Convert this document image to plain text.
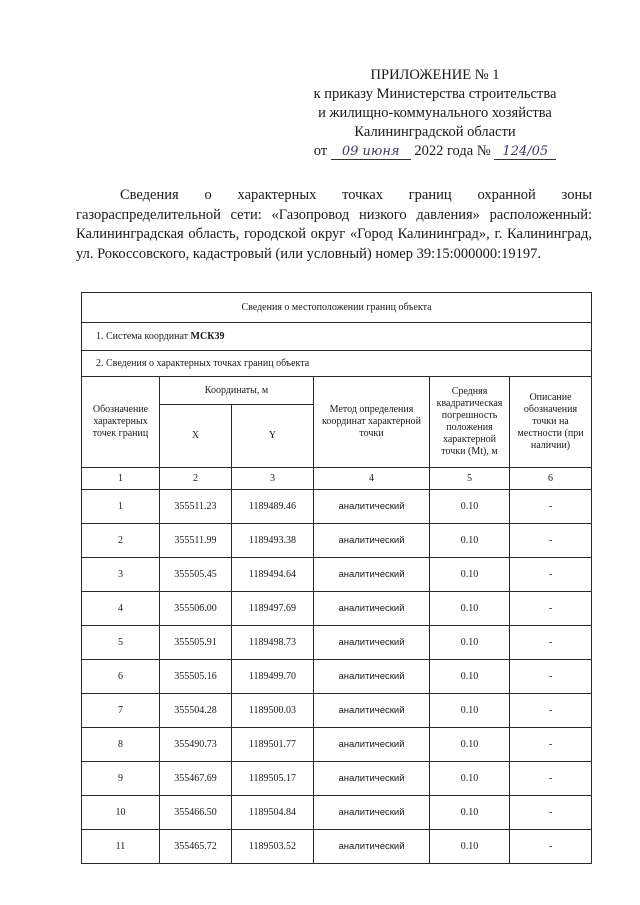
ПРИЛОЖЕНИЕ № 1
к приказу Министерства строительства
и жилищно-коммунального хозяйства
Калининградской области
от 09 июня 2022 года № 124/05
Сведения о характерных точках границ охранной зоны газораспределительной сети: «Газопровод низкого давления» расположенный: Калининградская область, городской округ «Город Калининград», г. Калининград, ул. Рокоссовского, кадастровый (или условный) номер 39:15:000000:19197.
Сведения о местоположении границ объекта					
1. Система координат МСК39					
2. Сведения о характерных точках границ объекта					
Обозначение характерных точек границ	Координаты, м		Метод определения координат характерной точки	Средняя квадратическая погрешность положения характерной точки (Mt), м	Описание обозначения точки на местности (при наличии)
	X	Y			
1	2	3	4	5	6
1	355511.23	1189489.46	аналитический	0.10	-
2	355511.99	1189493.38	аналитический	0.10	-
3	355505.45	1189494.64	аналитический	0.10	-
4	355506.00	1189497.69	аналитический	0.10	-
5	355505.91	1189498.73	аналитический	0.10	-
6	355505.16	1189499.70	аналитический	0.10	-
7	355504.28	1189500.03	аналитический	0.10	-
8	355490.73	1189501.77	аналитический	0.10	-
9	355467.69	1189505.17	аналитический	0.10	-
10	355466.50	1189504.84	аналитический	0.10	-
11	355465.72	1189503.52	аналитический	0.10	-
